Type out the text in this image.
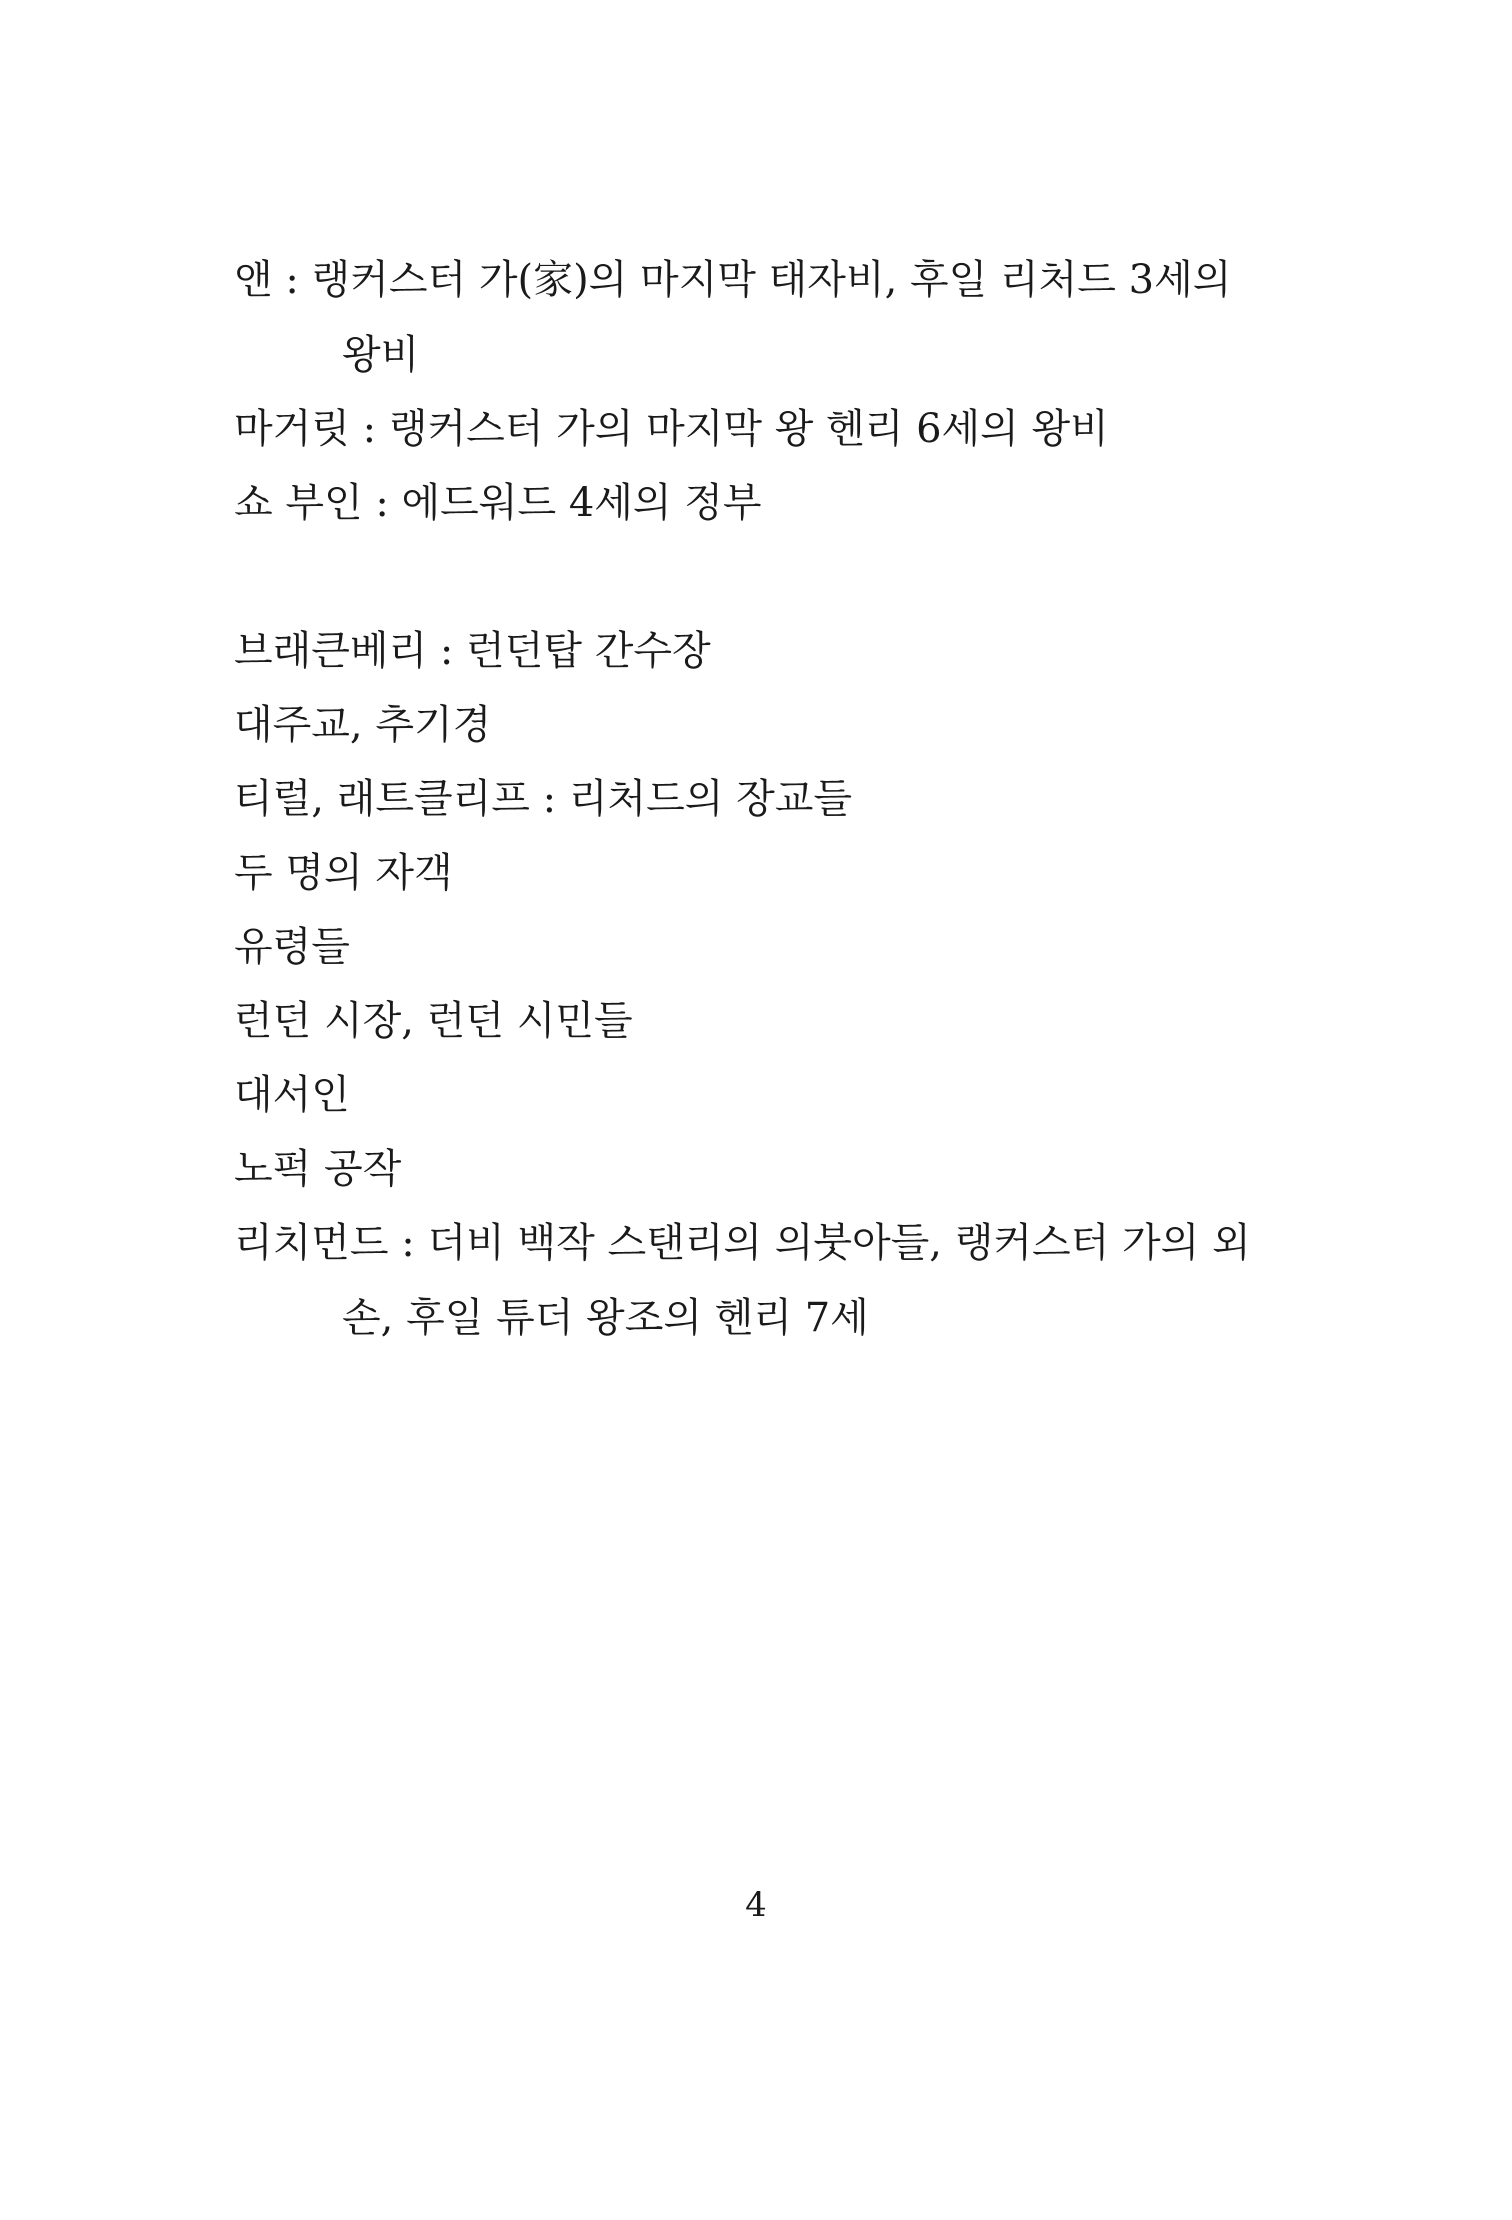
앤 : 랭커스터 가(家)의 마지막 태자비, 후일 리처드 3세의
왕비
마거릿 : 랭커스터 가의 마지막 왕 헨리 6세의 왕비
쇼 부인 : 에드워드 4세의 정부
브래큰베리 : 런던탑 간수장
대주교, 추기경
티럴, 래트클리프 : 리처드의 장교들
두 명의 자객
유령들
런던 시장, 런던 시민들
대서인
노퍽 공작
리치먼드 : 더비 백작 스탠리의 의붓아들, 랭커스터 가의 외
손, 후일 튜더 왕조의 헨리 7세
4
